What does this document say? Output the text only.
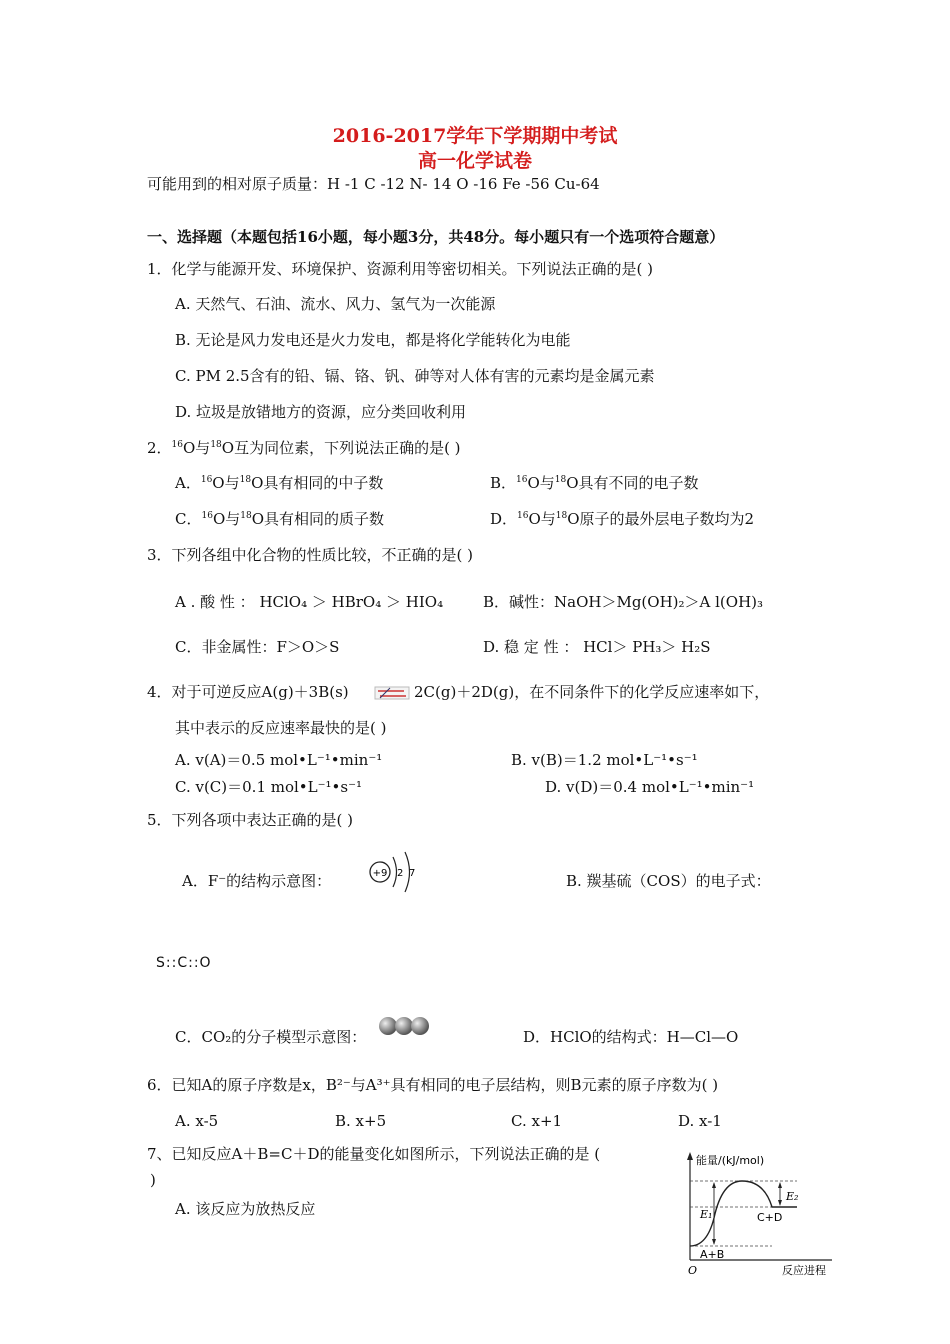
2016-2017学年下学期期中考试
高一化学试卷
可能用到的相对原子质量：H -1 C -12 N- 14 O -16 Fe -56 Cu-64
一、选择题（本题包括16小题，每小题3分，共48分。每小题只有一个选项符合题意）
1．化学与能源开发、环境保护、资源利用等密切相关。下列说法正确的是( )
A. 天然气、石油、流水、风力、氢气为一次能源
B. 无论是风力发电还是火力发电，都是将化学能转化为电能
C. PM 2.5含有的铅、镉、铬、钒、砷等对人体有害的元素均是金属元素
D. 垃圾是放错地方的资源，应分类回收利用
2．$^{16}$O与$^{18}$O互为同位素，下列说法正确的是( )
A．$^{16}$O与$^{18}$O具有相同的中子数	B．$^{16}$O与$^{18}$O具有不同的电子数
C．$^{16}$O与$^{18}$O具有相同的质子数	D．$^{16}$O与$^{18}$O原子的最外层电子数均为2
3．下列各组中化合物的性质比较，不正确的是( )
A . 酸 性 ： HClO₄ ＞ HBrO₄ ＞ HIO₄	B．碱性：NaOH＞Mg(OH)₂＞A l(OH)₃
C．非金属性：F＞O＞S	D. 稳 定 性 ： HCl＞ PH₃＞ H₂S
4．对于可逆反应A(g)＋3B(s)	2C(g)＋2D(g)，在不同条件下的化学反应速率如下，
其中表示的反应速率最快的是( )
A. v(A)＝0.5 mol•L⁻¹•min⁻¹	B. v(B)＝1.2 mol•L⁻¹•s⁻¹
C. v(C)＝0.1 mol•L⁻¹•s⁻¹	D. v(D)＝0.4 mol•L⁻¹•min⁻¹
5．下列各项中表达正确的是( )
A．F⁻的结构示意图：	+9 2 7	B. 羰基硫（COS）的电子式：
S::C::O
C．CO₂的分子模型示意图：	D．HClO的结构式：H—Cl—O
6．已知A的原子序数是x，B²⁻与A³⁺具有相同的电子层结构，则B元素的原子序数为( )
A. x-5	B. x+5	C. x+1	D. x-1
7、已知反应A＋B=C＋D的能量变化如图所示，下列说法正确的是 (
)
A. 该反应为放热反应
能量/(kJ/mol)
E₁
E₂
C+D
A+B
O	反应进程
